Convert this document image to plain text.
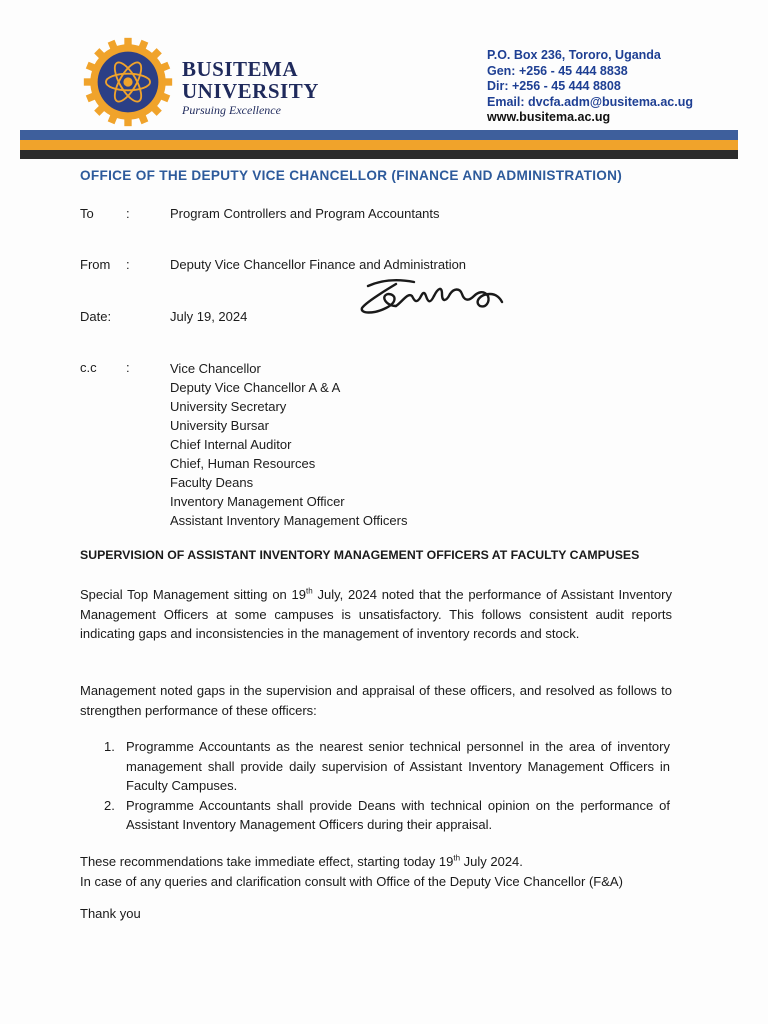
BUSITEMA
UNIVERSITY
Pursuing Excellence
P.O. Box 236, Tororo, Uganda
Gen: +256 - 45 444 8838
Dir: +256 - 45 444 8808
Email: dvcfa.adm@busitema.ac.ug
www.busitema.ac.ug
OFFICE OF THE DEPUTY VICE CHANCELLOR (FINANCE AND ADMINISTRATION)
To :	Program Controllers and Program Accountants
From :	Deputy Vice Chancellor Finance and Administration
Date:	July 19, 2024
c.c :	Vice Chancellor
Deputy Vice Chancellor A & A
University Secretary
University Bursar
Chief Internal Auditor
Chief, Human Resources
Faculty Deans
Inventory Management Officer
Assistant Inventory Management Officers
SUPERVISION OF ASSISTANT INVENTORY MANAGEMENT OFFICERS AT FACULTY CAMPUSES
Special Top Management sitting on 19th July, 2024 noted that the performance of Assistant Inventory Management Officers at some campuses is unsatisfactory. This follows consistent audit reports indicating gaps and inconsistencies in the management of inventory records and stock.
Management noted gaps in the supervision and appraisal of these officers, and resolved as follows to strengthen performance of these officers:
1. Programme Accountants as the nearest senior technical personnel in the area of inventory management shall provide daily supervision of Assistant Inventory Management Officers in Faculty Campuses.
2. Programme Accountants shall provide Deans with technical opinion on the performance of Assistant Inventory Management Officers during their appraisal.
These recommendations take immediate effect, starting today 19th July 2024.
In case of any queries and clarification consult with Office of the Deputy Vice Chancellor (F&A)
Thank you
